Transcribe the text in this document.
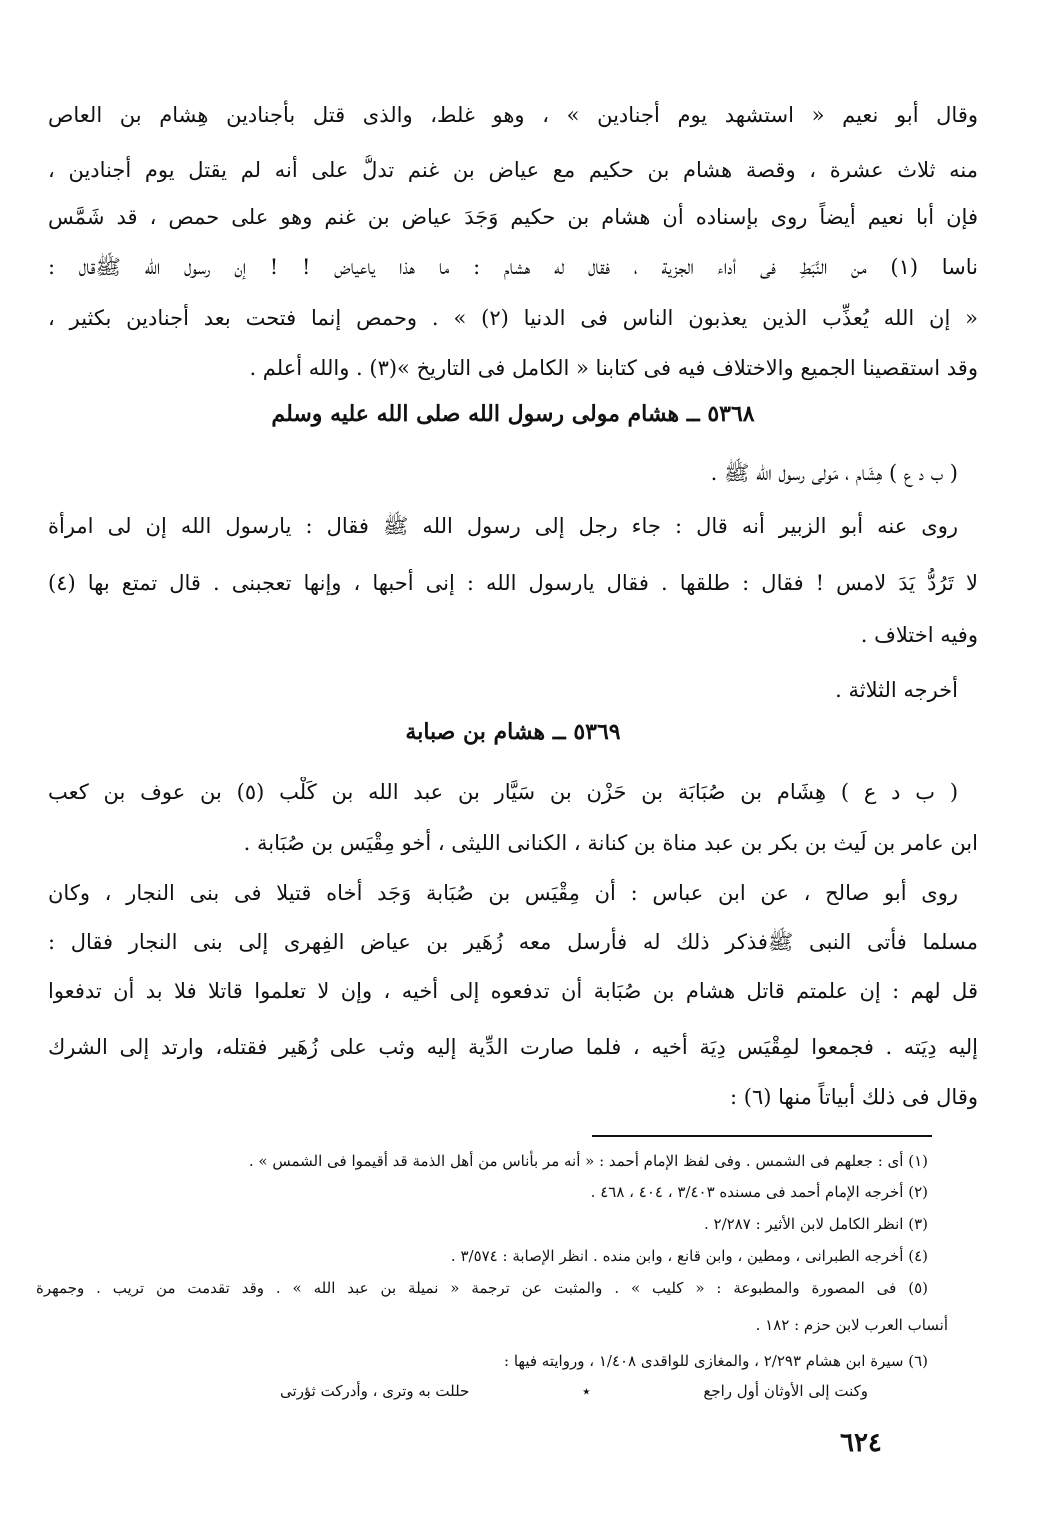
وقال أبو نعيم « استشهد يوم أجنادين » ، وهو غلط، والذى قتل بأجنادين هِشام بن العاص
منه ثلاث عشرة ، وقصة هشام بن حكيم مع عياض بن غنم تدلُّ على أنه لم يقتل يوم أجنادين ،
فإن أبا نعيم أيضاً روى بإسناده أن هشام بن حكيم وَجَدَ عياض بن غنم وهو على حمص ، قد شَمَّس
ناسا (١) من النَّبَطِ فى أداء الجزية ، فقال له هشام : ما هذا ياعياض ! ! إن رسول الله ﷺقال :
« إن الله يُعذِّب الذين يعذبون الناس فى الدنيا (٢) » . وحمص إنما فتحت بعد أجنادين بكثير ،
وقد استقصينا الجميع والاختلاف فيه فى كتابنا « الكامل فى التاريخ »(٣) . والله أعلم .
٥٣٦٨ ــ هشام مولى رسول الله صلى الله عليه وسلم
( ب د ع ) هِشَام ، مَولى رسول الله ﷺ .
روى عنه أبو الزبير أنه قال : جاء رجل إلى رسول الله ﷺ فقال : يارسول الله إن لى امرأة
لا تَرُدُّ يَدَ لامس ! فقال : طلقها . فقال يارسول الله : إنى أحبها ، وإنها تعجبنى . قال تمتع بها (٤)
وفيه اختلاف .
أخرجه الثلاثة .
٥٣٦٩ ــ هشام بن صبابة
( ب د ع ) هِشَام بن صُبَابَة بن حَزْن بن سَيَّار بن عبد الله بن كَلْب (٥) بن عوف بن كعب
ابن عامر بن لَيث بن بكر بن عبد مناة بن كنانة ، الكنانى الليثى ، أخو مِقْيَس بن صُبَابة .
روى أبو صالح ، عن ابن عباس : أن مِقْيَس بن صُبَابة وَجَد أخاه قتيلا فى بنى النجار ، وكان
مسلما فأتى النبى ﷺفذكر ذلك له فأرسل معه زُهَير بن عياض الفِهرى إلى بنى النجار فقال :
قل لهم : إن علمتم قاتل هشام بن صُبَابة أن تدفعوه إلى أخيه ، وإن لا تعلموا قاتلا فلا بد أن تدفعوا
إليه دِيَته . فجمعوا لمِقْيَس دِيَة أخيه ، فلما صارت الدِّية إليه وثب على زُهَير فقتله، وارتد إلى الشرك
وقال فى ذلك أبياتاً منها (٦) :
(١) أى : جعلهم فى الشمس . وفى لفظ الإمام أحمد : « أنه مر بأناس من أهل الذمة قد أقيموا فى الشمس » .
(٢) أخرجه الإمام أحمد فى مسنده ٣/٤٠٣ ، ٤٠٤ ، ٤٦٨ .
(٣) انظر الكامل لابن الأثير : ٢/٢٨٧ .
(٤) أخرجه الطبرانى ، ومطين ، وابن قانع ، وابن منده . انظر الإصابة : ٣/٥٧٤ .
(٥) فى المصورة والمطبوعة : « كليب » . والمثبت عن ترجمة « نميلة بن عبد الله » . وقد تقدمت من تريب . وجمهرة
أنساب العرب لابن حزم : ١٨٢ .
(٦) سيرة ابن هشام ٢/٢٩٣ ، والمغازى للواقدى ١/٤٠٨ ، وروايته فيها :
وكنت إلى الأوثان أول راجع
٭
حللت به وترى ، وأدركت ثؤرتى
٦٢٤
